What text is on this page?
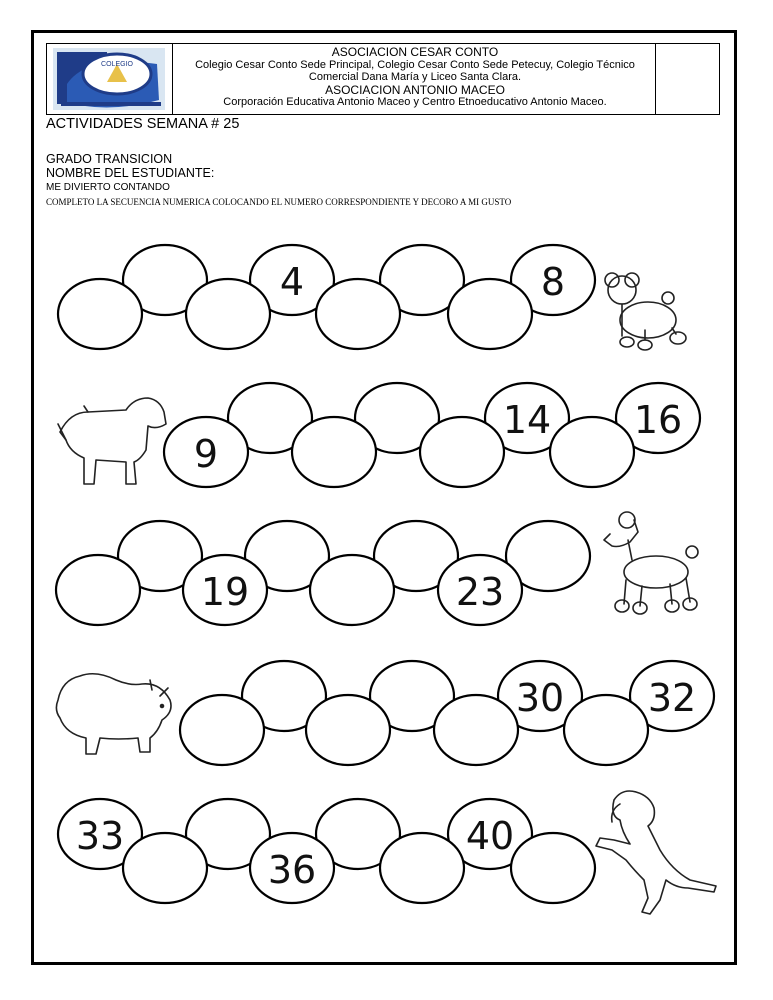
COLEGIO
ASOCIACION CESAR CONTO
Colegio Cesar Conto Sede Principal, Colegio Cesar Conto Sede Petecuy, Colegio Técnico
Comercial Dana María y Liceo Santa Clara.
ASOCIACION ANTONIO MACEO
Corporación Educativa Antonio Maceo y Centro Etnoeducativo Antonio Maceo.
ACTIVIDADES SEMANA # 25
GRADO TRANSICION
NOMBRE DEL ESTUDIANTE:
ME DIVIERTO CONTANDO
COMPLETO LA SECUENCIA NUMERICA COLOCANDO EL NUMERO CORRESPONDIENTE Y DECORO A MI GUSTO
4	8
14 16
9
19	23
30 32
33	40
36
